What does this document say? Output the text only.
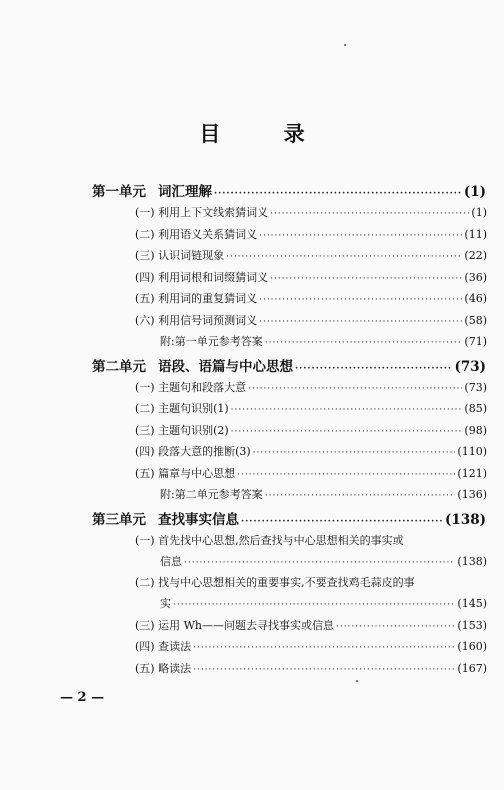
目 录
第一单元 词汇理解 ·····	(1)
(一) 利用上下文线索猜词义 ·····	(1)
(二) 利用语义关系猜词义 ·····	(11)
(三) 认识词链现象 ·····	(22)
(四) 利用词根和词缀猜词义 ·····	(36)
(五) 利用词的重复猜词义 ·····	(46)
(六) 利用信号词预测词义 ·····	(58)
附:第一单元参考答案 ·····	(71)
第二单元 语段、语篇与中心思想 ·····	(73)
(一) 主题句和段落大意 ·····	(73)
(二) 主题句识别(1) ·····	(85)
(三) 主题句识别(2) ·····	(98)
(四) 段落大意的推断(3) ·····	(110)
(五) 篇章与中心思想 ·····	(121)
附:第二单元参考答案 ·····	(136)
第三单元 查找事实信息 ·····	(138)
(一) 首先找中心思想,然后查找与中心思想相关的事实或
信息 ·····	(138)
(二) 找与中心思想相关的重要事实,不要查找鸡毛蒜皮的事
实 ·····	(145)
(三) 运用 Wh——问题去寻找事实或信息 ·····	(153)
(四) 查读法 ·····	(160)
(五) 略读法 ·····	(167)
— 2 —
